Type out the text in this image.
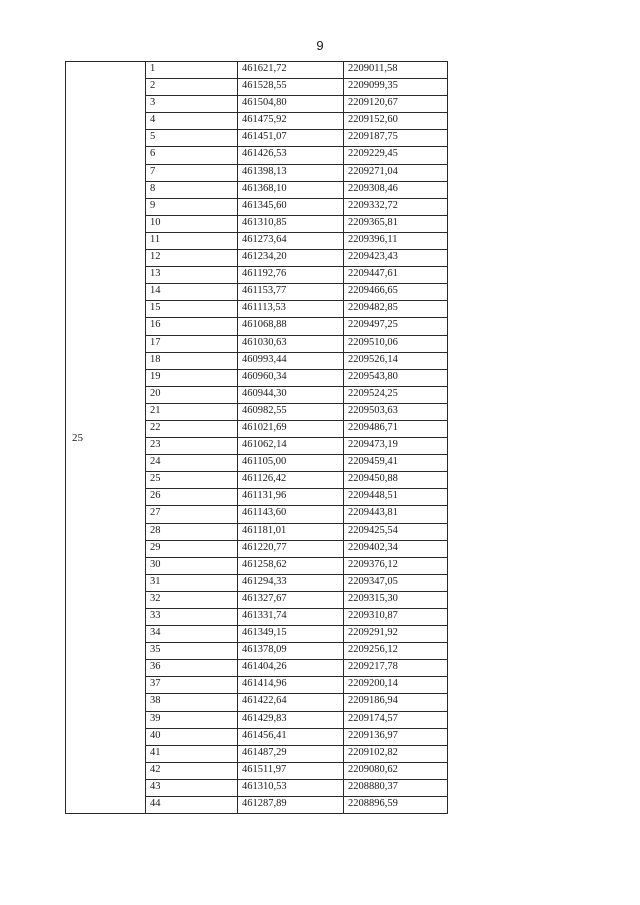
9
25	1	461621,72	2209011,58
	2	461528,55	2209099,35
	3	461504,80	2209120,67
	4	461475,92	2209152,60
	5	461451,07	2209187,75
	6	461426,53	2209229,45
	7	461398,13	2209271,04
	8	461368,10	2209308,46
	9	461345,60	2209332,72
	10	461310,85	2209365,81
	11	461273,64	2209396,11
	12	461234,20	2209423,43
	13	461192,76	2209447,61
	14	461153,77	2209466,65
	15	461113,53	2209482,85
	16	461068,88	2209497,25
	17	461030,63	2209510,06
	18	460993,44	2209526,14
	19	460960,34	2209543,80
	20	460944,30	2209524,25
	21	460982,55	2209503,63
	22	461021,69	2209486,71
	23	461062,14	2209473,19
	24	461105,00	2209459,41
	25	461126,42	2209450,88
	26	461131,96	2209448,51
	27	461143,60	2209443,81
	28	461181,01	2209425,54
	29	461220,77	2209402,34
	30	461258,62	2209376,12
	31	461294,33	2209347,05
	32	461327,67	2209315,30
	33	461331,74	2209310,87
	34	461349,15	2209291,92
	35	461378,09	2209256,12
	36	461404,26	2209217,78
	37	461414,96	2209200,14
	38	461422,64	2209186,94
	39	461429,83	2209174,57
	40	461456,41	2209136,97
	41	461487,29	2209102,82
	42	461511,97	2209080,62
	43	461310,53	2208880,37
	44	461287,89	2208896,59
